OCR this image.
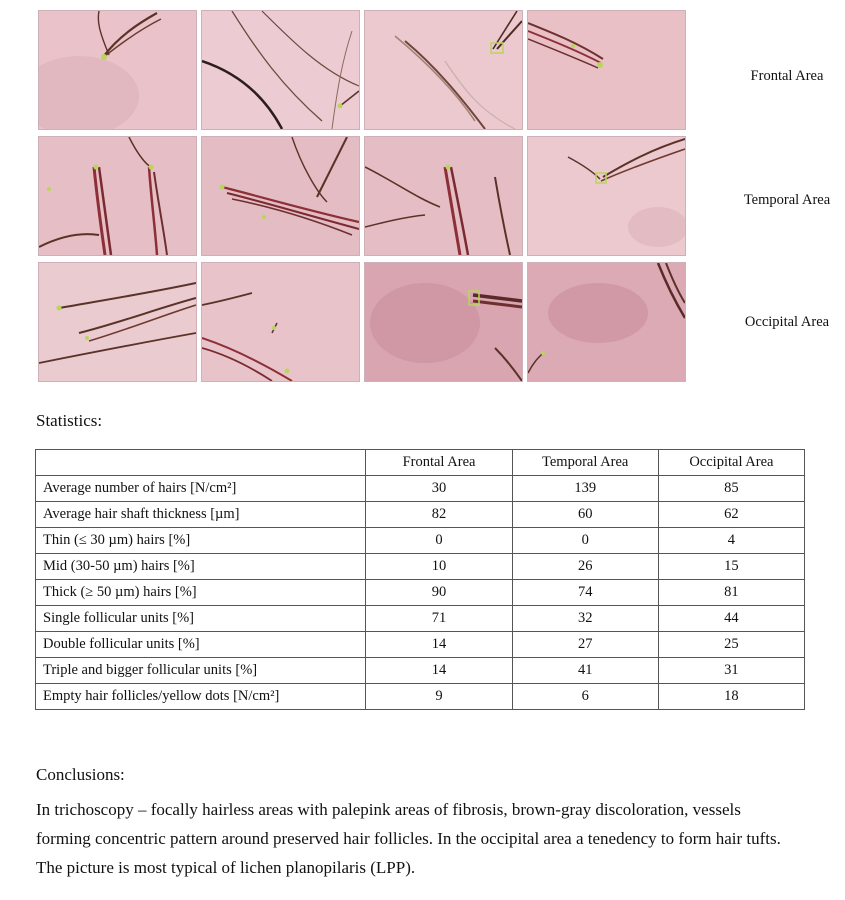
Frontal Area
Temporal Area
Occipital Area
Statistics:
	Frontal Area	Temporal Area	Occipital Area
Average number of hairs [N/cm²]	30	139	85
Average hair shaft thickness [µm]	82	60	62
Thin (≤ 30 µm) hairs [%]	0	0	4
Mid (30-50 µm) hairs [%]	10	26	15
Thick (≥ 50 µm) hairs [%]	90	74	81
Single follicular units [%]	71	32	44
Double follicular units [%]	14	27	25
Triple and bigger follicular units [%]	14	41	31
Empty hair follicles/yellow dots [N/cm²]	9	6	18
Conclusions:

In trichoscopy – focally hairless areas with palepink areas of fibrosis, brown-gray discoloration, vessels

forming concentric pattern around preserved hair follicles. In the occipital area a tenedency to form hair tufts.

The picture is most typical of lichen planopilaris (LPP).
